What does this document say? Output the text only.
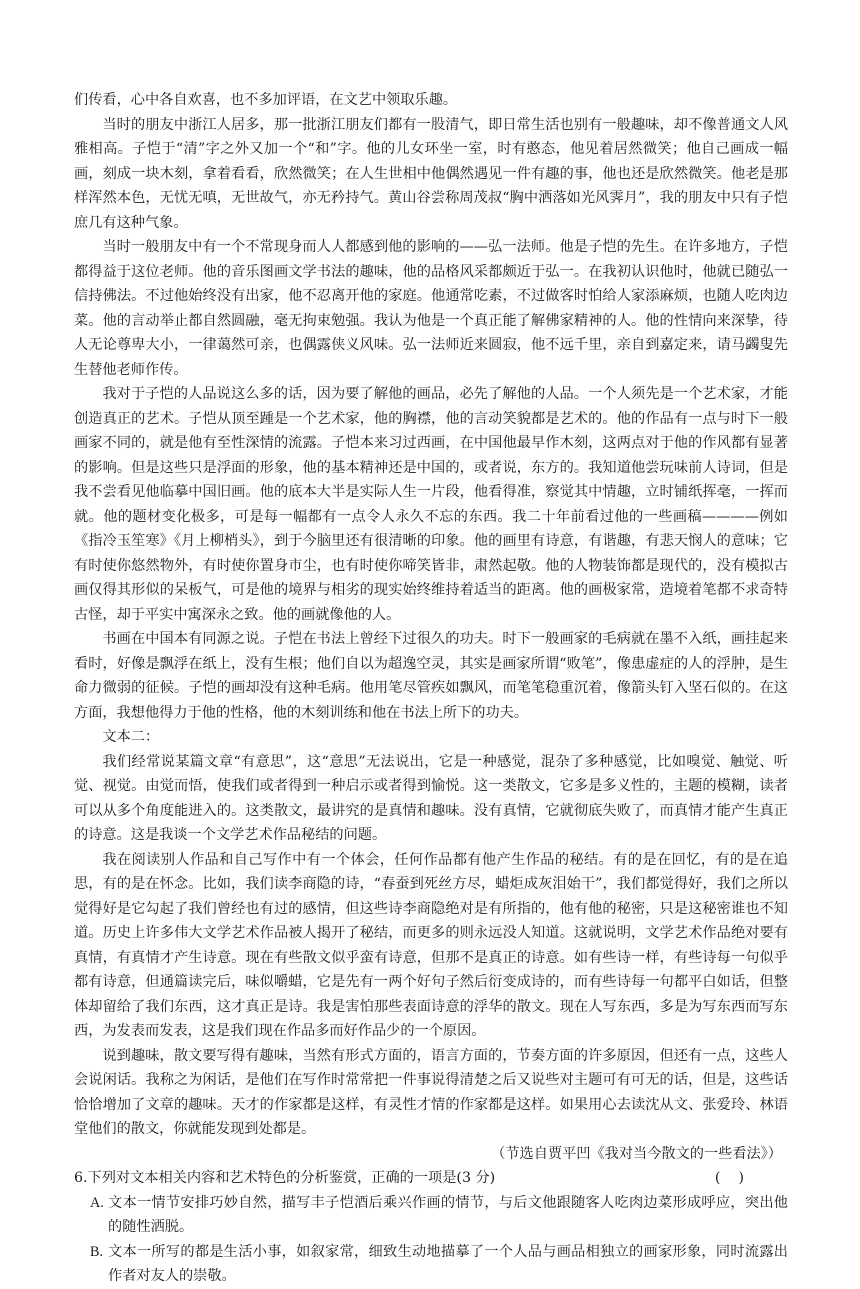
们传看，心中各自欢喜，也不多加评语，在文艺中领取乐趣。

当时的朋友中浙江人居多，那一批浙江朋友们都有一股清气，即日常生活也别有一般趣味，却不像普通文人风雅相高。子恺于“清”字之外又加一个“和”字。他的儿女环坐一室，时有憨态，他见着居然微笑；他自己画成一幅画，刻成一块木刻，拿着看看，欣然微笑；在人生世相中他偶然遇见一件有趣的事，他也还是欣然微笑。他老是那样浑然本色，无忧无嗔，无世故气，亦无矜持气。黄山谷尝称周茂叔“胸中洒落如光风霁月”，我的朋友中只有子恺庶几有这种气象。

当时一般朋友中有一个不常现身而人人都感到他的影响的——弘一法师。他是子恺的先生。在许多地方，子恺都得益于这位老师。他的音乐图画文学书法的趣味，他的品格风采都颇近于弘一。在我初认识他时，他就已随弘一信持佛法。不过他始终没有出家，他不忍离开他的家庭。他通常吃素，不过做客时怕给人家添麻烦，也随人吃肉边菜。他的言动举止都自然圆融，毫无拘束勉强。我认为他是一个真正能了解佛家精神的人。他的性情向来深挚，待人无论尊卑大小，一律蔼然可亲，也偶露侠义风味。弘一法师近来圆寂，他不远千里，亲自到嘉定来，请马蠲叟先生替他老师作传。

我对于子恺的人品说这么多的话，因为要了解他的画品，必先了解他的人品。一个人须先是一个艺术家，才能创造真正的艺术。子恺从顶至踵是一个艺术家，他的胸襟，他的言动笑貌都是艺术的。他的作品有一点与时下一般画家不同的，就是他有至性深情的流露。子恺本来习过西画，在中国他最早作木刻，这两点对于他的作风都有显著的影响。但是这些只是浮面的形象，他的基本精神还是中国的，或者说，东方的。我知道他尝玩味前人诗词，但是我不尝看见他临摹中国旧画。他的底本大半是实际人生一片段，他看得准，察觉其中情趣，立时铺纸挥毫，一挥而就。他的题材变化极多，可是每一幅都有一点令人永久不忘的东西。我二十年前看过他的一些画稿————例如《指冷玉笙寒》《月上柳梢头》，到于今脑里还有很清晰的印象。他的画里有诗意，有谐趣，有悲天悯人的意味；它有时使你悠然物外，有时使你置身市尘，也有时使你啼笑皆非，肃然起敬。他的人物装饰都是现代的，没有模拟古画仅得其形似的呆板气，可是他的境界与相劣的现实始终维持着适当的距离。他的画极家常，造境着笔都不求奇特古怪，却于平实中寓深永之致。他的画就像他的人。

书画在中国本有同源之说。子恺在书法上曾经下过很久的功夫。时下一般画家的毛病就在墨不入纸，画挂起来看时，好像是飘浮在纸上，没有生根；他们自以为超逸空灵，其实是画家所谓“败笔”，像患虚症的人的浮肿，是生命力微弱的征候。子恺的画却没有这种毛病。他用笔尽管疾如飘风，而笔笔稳重沉着，像箭头钉入坚石似的。在这方面，我想他得力于他的性格，他的木刻训练和他在书法上所下的功夫。

文本二：

我们经常说某篇文章“有意思”，这“意思”无法说出，它是一种感觉，混杂了多种感觉，比如嗅觉、触觉、听觉、视觉。由觉而悟，使我们或者得到一种启示或者得到愉悦。这一类散文，它多是多义性的，主题的模糊，读者可以从多个角度能进入的。这类散文，最讲究的是真情和趣味。没有真情，它就彻底失败了，而真情才能产生真正的诗意。这是我谈一个文学艺术作品秘结的问题。

我在阅读别人作品和自己写作中有一个体会，任何作品都有他产生作品的秘结。有的是在回忆，有的是在追思，有的是在怀念。比如，我们读李商隐的诗，“春蚕到死丝方尽，蜡炬成灰泪始干”，我们都觉得好，我们之所以觉得好是它勾起了我们曾经也有过的感情，但这些诗李商隐绝对是有所指的，他有他的秘密，只是这秘密谁也不知道。历史上许多伟大文学艺术作品被人揭开了秘结，而更多的则永远没人知道。这就说明，文学艺术作品绝对要有真情，有真情才产生诗意。现在有些散文似乎蛮有诗意，但那不是真正的诗意。如有些诗一样，有些诗每一句似乎都有诗意，但通篇读完后，味似嚼蜡，它是先有一两个好句子然后衍变成诗的，而有些诗每一句都平白如话，但整体却留给了我们东西，这才真正是诗。我是害怕那些表面诗意的浮华的散文。现在人写东西，多是为写东西而写东西，为发表而发表，这是我们现在作品多而好作品少的一个原因。

说到趣味，散文要写得有趣味，当然有形式方面的，语言方面的，节奏方面的许多原因，但还有一点，这些人会说闲话。我称之为闲话，是他们在写作时常常把一件事说得清楚之后又说些对主题可有可无的话，但是，这些话恰恰增加了文章的趣味。天才的作家都是这样，有灵性才情的作家都是这样。如果用心去读沈从文、张爱玲、林语堂他们的散文，你就能发现到处都是。

（节选自贾平凹《我对当今散文的一些看法》）

6.下列对文本相关内容和艺术特色的分析鉴赏，正确的一项是(3 分)	(    )
A. 文本一情节安排巧妙自然，描写丰子恺酒后乘兴作画的情节，与后文他跟随客人吃肉边菜形成呼应，突出他的随性洒脱。
B. 文本一所写的都是生活小事，如叙家常，细致生动地描摹了一个人品与画品相独立的画家形象，同时流露出作者对友人的崇敬。
